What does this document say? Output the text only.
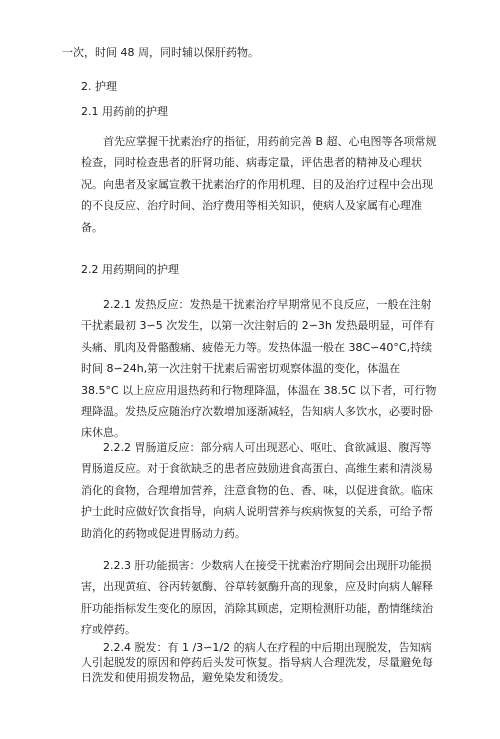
一次，时间 48 周，同时辅以保肝药物。
2. 护理
2.1 用药前的护理
首先应掌握干扰素治疗的指征，用药前完善 B 超、心电图等各项常规检查，同时检查患者的肝肾功能、病毒定量，评估患者的精神及心理状况。向患者及家属宣教干扰素治疗的作用机理、目的及治疗过程中会出现的不良反应、治疗时间、治疗费用等相关知识，使病人及家属有心理准备。
2.2 用药期间的护理
2.2.1 发热反应：发热是干扰素治疗早期常见不良反应，一般在注射干扰素最初 3∽5 次发生，以第一次注射后的 2∽3h 发热最明显，可伴有头痛、肌肉及骨骼酸痛、疲倦无力等。发热体温一般在 38C∽40°C,持续时间 8∽24h,第一次注射干扰素后需密切观察体温的变化，体温在 38.5°C 以上应应用退热药和行物理降温，体温在 38.5C 以下者，可行物理降温。发热反应随治疗次数增加逐渐减轻，告知病人多饮水，必要时卧床休息。
2.2.2 胃肠道反应：部分病人可出现恶心、呕吐、食欲减退、腹泻等胃肠道反应。对于食欲缺乏的患者应鼓励进食高蛋白、高维生素和清淡易消化的食物，合理增加营养，注意食物的色、香、味，以促进食欲。临床护士此时应做好饮食指导，向病人说明营养与疾病恢复的关系，可给予帮助消化的药物或促进胃肠动力药。
2.2.3 肝功能损害：少数病人在接受干扰素治疗期间会出现肝功能损害，出现黄疸、谷丙转氨酶、谷草转氨酶升高的现象，应及时向病人解释肝功能指标发生变化的原因，消除其顾虑，定期检测肝功能，酌情继续治疗或停药。
2.2.4 脱发：有 1 /3∽1/2 的病人在疗程的中后期出现脱发，告知病人引起脱发的原因和停药后头发可恢复。指导病人合理洗发，尽量避免每日洗发和使用损发物品，避免染发和烫发。
